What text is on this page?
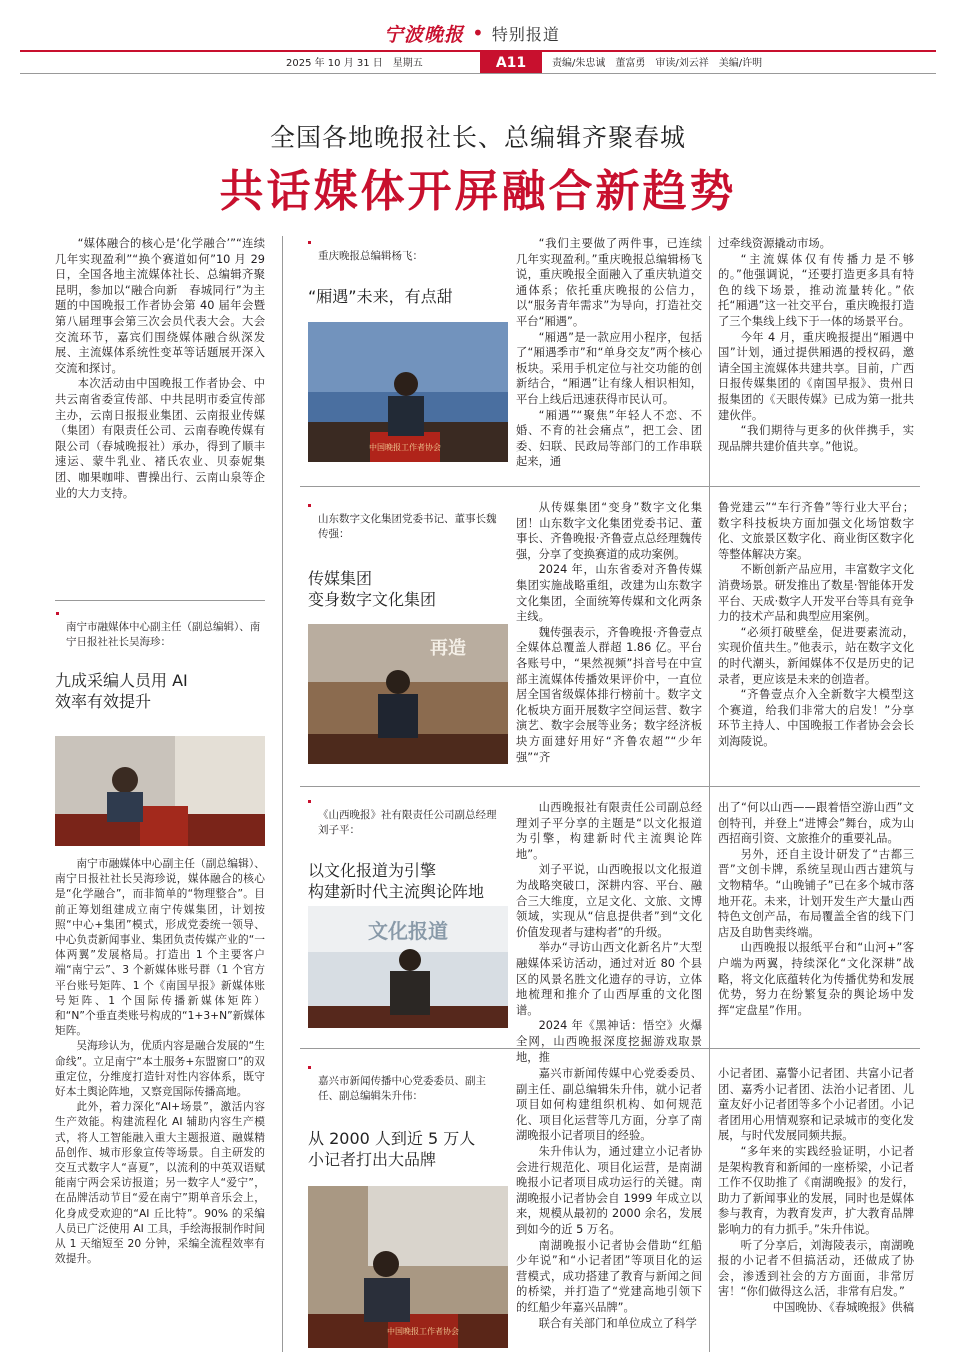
宁波晚报 • 特别报道
2025 年 10 月 31 日　星期五	A11	责编/朱忠诚　董富勇　审读/刘云祥　美编/许明
全国各地晚报社长、总编辑齐聚春城
共话媒体开屏融合新趋势

“媒体融合的核心是‘化学融合’”“连续几年实现盈利”“换个赛道如何”10 月 29 日，全国各地主流媒体社长、总编辑齐聚昆明，参加以“融合向新　春城同行”为主题的中国晚报工作者协会第 40 届年会暨第八届理事会第三次会员代表大会。大会交流环节，嘉宾们围绕媒体融合纵深发展、主流媒体系统性变革等话题展开深入交流和探讨。

本次活动由中国晚报工作者协会、中共云南省委宣传部、中共昆明市委宣传部主办，云南日报报业集团、云南报业传媒（集团）有限责任公司、云南春晚传媒有限公司（春城晚报社）承办，得到了顺丰速运、蒙牛乳业、褚氏农业、贝泰妮集团、咖果咖啡、曹操出行、云南山泉等企业的大力支持。

南宁市融媒体中心副主任（副总编辑）、南宁日报社社长吴海珍：
九成采编人员用 AI
效率有效提升

南宁市融媒体中心副主任（副总编辑）、南宁日报社社长吴海珍说，媒体融合的核心是“化学融合”，而非简单的“物理整合”。目前正筹划组建成立南宁传媒集团，计划按照“中心+集团”模式，形成党委统一领导、中心负责新闻事业、集团负责传媒产业的“一体两翼”发展格局。打造出 1 个主要客户端“南宁云”、3 个新媒体账号群（1 个官方平台账号矩阵、1 个《南国早报》新媒体账号矩阵、1 个国际传播新媒体矩阵）和“N”个垂直类账号构成的“1+3+N”新媒体矩阵。

吴海珍认为，优质内容是融合发展的“生命线”。立足南宁“本土服务+东盟窗口”的双重定位，分维度打造针对性内容体系，既守好本土舆论阵地，又察竞国际传播高地。

此外，着力深化“AI+场景”，激活内容生产效能。构建流程化 AI 辅助内容生产模式，将人工智能融入重大主题报道、融媒精品创作、城市形象宣传等场景。自主研发的交互式数字人“喜夏”，以流利的中英双语赋能南宁两会采访报道；另一数字人“爱宁”，在品牌活动节目“爱在南宁”期单音乐会上，化身成受欢迎的“AI 丘比特”。90% 的采编人员已广泛使用 AI 工具，手绘海报制作时间从 1 天缩短至 20 分钟，采编全流程效率有效提升。

重庆晚报总编辑杨飞：
“厢遇”未来，有点甜
中国晚报工作者协会

“我们主要做了两件事，已连续几年实现盈利。”重庆晚报总编辑杨飞说，重庆晚报全面融入了重庆轨道交通体系；依托重庆晚报的公信力，以“服务青年需求”为导向，打造社交平台“厢遇”。

“厢遇”是一款应用小程序，包括了“厢遇季市”和“单身交友”两个核心板块。采用手机定位与社交功能的创新结合，“厢遇”让有缘人相识相知，平台上线后迅速获得市民认可。

“厢遇”“聚焦”年轻人不恋、不婚、不育的社会痛点”，把工会、团委、妇联、民政局等部门的工作串联起来，通

过牵线资源撬动市场。

“主流媒体仅有传播力是不够的。”他强调说，“还要打造更多具有特色的线下场景，推动流量转化。”依托“厢遇”这一社交平台，重庆晚报打造了三个集线上线下于一体的场景平台。

今年 4 月，重庆晚报提出“厢遇中国”计划，通过提供厢遇的授权码，邀请全国主流媒体共建共享。目前，广西日报传媒集团的《南国早报》、贵州日报集团的《天眼传媒》已成为第一批共建伙伴。

“我们期待与更多的伙伴携手，实现品牌共建价值共享。”他说。

山东数字文化集团党委书记、董事长魏传强：
传媒集团
变身数字文化集团
再造

从传媒集团“变身”数字文化集团！山东数字文化集团党委书记、董事长、齐鲁晚报·齐鲁壹点总经理魏传强，分享了变换赛道的成功案例。

2024 年，山东省委对齐鲁传媒集团实施战略重组，改建为山东数字文化集团，全面统筹传媒和文化两条主线。

魏传强表示，齐鲁晚报·齐鲁壹点全媒体总覆盖人群超 1.86 亿。平台各账号中，“果然视频”抖音号在中宣部主流媒体传播效果评价中，一直位居全国省级媒体排行榜前十。数字文化板块方面开展数字空间运营、数字演艺、数字会展等业务；数字经济板块方面建好用好“齐鲁农超”“少年强”“齐

鲁党建云”“车行齐鲁”等行业大平台；数字科技板块方面加强文化场馆数字化、文旅景区数字化、商业街区数字化等整体解决方案。

不断创新产品应用，丰富数字文化消费场景。研发推出了数星·智能体开发平台、天成·数字人开发平台等具有竞争力的技术产品和典型应用案例。

“必须打破壁垒，促进要素流动，实现价值共生。”他表示，站在数字文化的时代潮头，新闻媒体不仅是历史的记录者，更应该是未来的创造者。

“齐鲁壹点介入全新数字大模型这个赛道，给我们非常大的启发！”分享环节主持人、中国晚报工作者协会会长刘海陵说。

《山西晚报》社有限责任公司副总经理刘子平：
以文化报道为引擎
构建新时代主流舆论阵地
文化报道

山西晚报社有限责任公司副总经理刘子平分享的主题是“以文化报道为引擎，构建新时代主流舆论阵地”。

刘子平说，山西晚报以文化报道为战略突破口，深耕内容、平台、融合三大维度，立足文化、文旅、文博领域，实现从“信息提供者”到“文化价值发现者与建构者”的升级。

举办“寻访山西文化新名片”大型融媒体采访活动，通过对近 80 个县区的风景名胜文化遗存的寻访，立体地梳理和推介了山西厚重的文化图谱。

2024 年《黑神话：悟空》火爆全网，山西晚报深度挖掘游戏取景地，推

出了“何以山西——跟着悟空游山西”文创特刊，并登上“进博会”舞台，成为山西招商引资、文旅推介的重要礼品。

另外，还自主设计研发了“古都三晋”文创卡牌，系统呈现山西古建筑与文物精华。“山晚铺子”已在多个城市落地开花。未来，计划开发生产大量山西特色文创产品，布局覆盖全省的线下门店及自助售卖终端。

山西晚报以报纸平台和“山河+”客户端为两翼，持续深化“文化深耕”战略，将文化底蕴转化为传播优势和发展优势，努力在纷繁复杂的舆论场中发挥“定盘星”作用。

嘉兴市新闻传播中心党委委员、副主任、副总编辑朱升伟：
从 2000 人到近 5 万人
小记者打出大品牌
中国晚报工作者协会

嘉兴市新闻传媒中心党委委员、副主任、副总编辑朱升伟，就小记者项目如何构建组织机构、如何规范化、项目化运营等几方面，分享了南湖晚报小记者项目的经验。

朱升伟认为，通过建立小记者协会进行规范化、项目化运营，是南湖晚报小记者项目成功运行的关键。南湖晚报小记者协会自 1999 年成立以来，规模从最初的 2000 余名，发展到如今的近 5 万名。

南湖晚报小记者协会借助“红船少年说”和“小记者团”等项目化的运营模式，成功搭建了教育与新闻之间的桥梁，并打造了“党建高地引领下的红船少年嘉兴品牌”。

联合有关部门和单位成立了科学

小记者团、嘉警小记者团、共富小记者团、嘉秀小记者团、法治小记者团、儿童友好小记者团等多个小记者团。小记者团用心用情观察和记录城市的变化发展，与时代发展同频共振。

“多年来的实践经验证明，小记者是架构教育和新闻的一座桥梁，小记者工作不仅助推了《南湖晚报》的发行，助力了新闻事业的发展，同时也是媒体参与教育，为教育发声，扩大教育品牌影响力的有力抓手。”朱升伟说。

听了分享后，刘海陵表示，南湖晚报的小记者不但搞活动，还做成了协会，渗透到社会的方方面面，非常厉害！“你们做得这么活，非常有启发。”

中国晚协、《春城晚报》供稿
